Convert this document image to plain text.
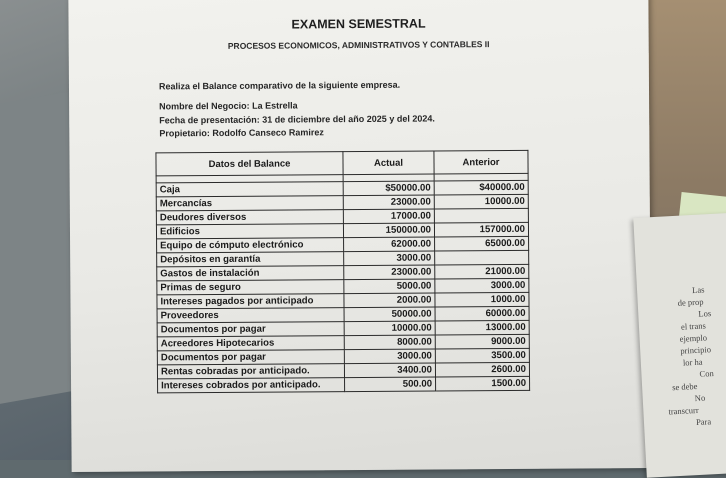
EXAMEN SEMESTRAL
PROCESOS ECONOMICOS, ADMINISTRATIVOS Y CONTABLES II
Realiza el Balance comparativo de la siguiente empresa.
Nombre del Negocio: La Estrella
Fecha de presentación: 31 de diciembre del año 2025 y del 2024.
Propietario: Rodolfo Canseco Ramirez
Datos del Balance	Actual	Anterior

Caja	$50000.00	$40000.00
Mercancías	23000.00	10000.00
Deudores diversos	17000.00	
Edificios	150000.00	157000.00
Equipo de cómputo electrónico	62000.00	65000.00
Depósitos en garantía	3000.00	
Gastos de instalación	23000.00	21000.00
Primas de seguro	5000.00	3000.00
Intereses pagados por anticipado	2000.00	1000.00
Proveedores	50000.00	60000.00
Documentos por pagar	10000.00	13000.00
Acreedores Hipotecarios	8000.00	9000.00
Documentos por pagar	3000.00	3500.00
Rentas cobradas por anticipado.	3400.00	2600.00
Intereses cobrados por anticipado.	500.00	1500.00
Las
de prop
Los
el trans
ejemplo
principio
lor ha
Con
se debe
No
transcurr
Para
